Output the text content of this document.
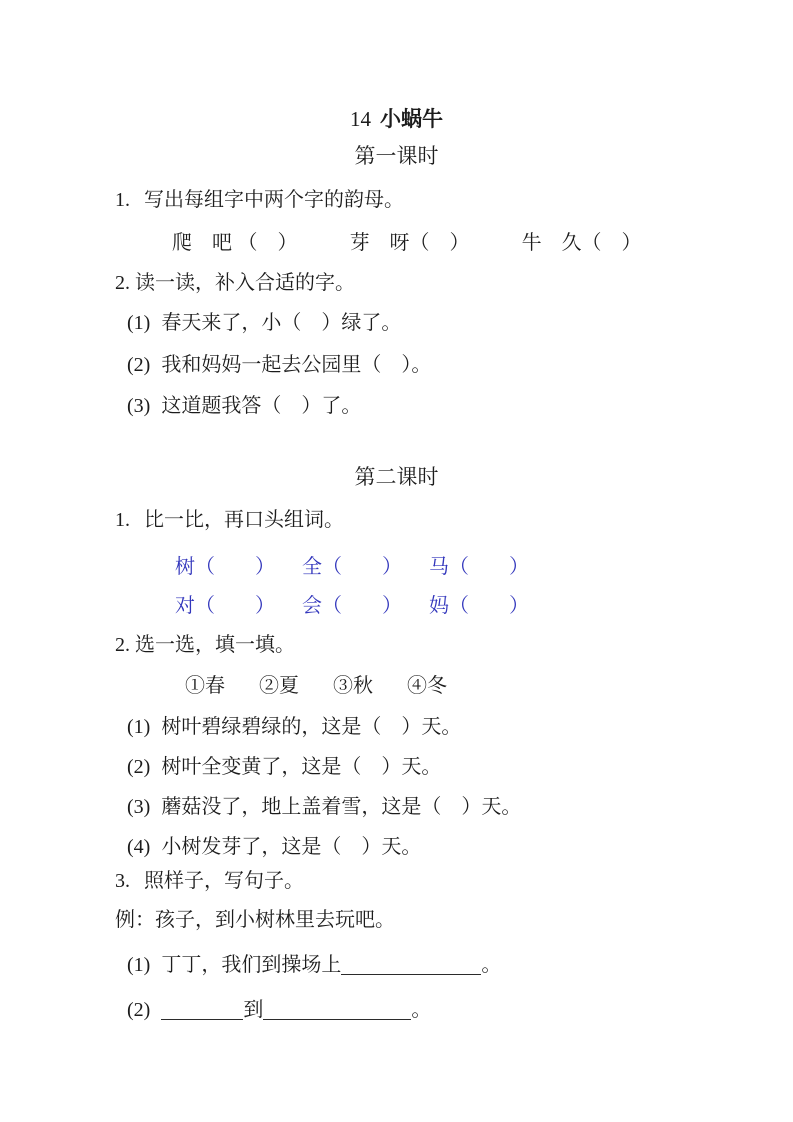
14 小蜗牛
第一课时
1. 写出每组字中两个字的韵母。
爬　吧 （　）	芽　呀（　）	牛　久（　）
2. 读一读，补入合适的字。
(1) 春天来了，小（　）绿了。
(2) 我和妈妈一起去公园里（　）。
(3) 这道题我答（　）了。
第二课时
1. 比一比，再口头组词。
树（　　） 全（　　） 马（　　）
对（　　） 会（　　） 妈（　　）
2. 选一选，填一填。
①春 ②夏 ③秋 ④冬
(1) 树叶碧绿碧绿的，这是（　）天。
(2) 树叶全变黄了，这是（　）天。
(3) 蘑菇没了，地上盖着雪，这是（　）天。
(4) 小树发芽了，这是（　）天。
3. 照样子，写句子。
例：孩子，到小树林里去玩吧。
(1) 丁丁，我们到操场上	。
(2)	到	。
